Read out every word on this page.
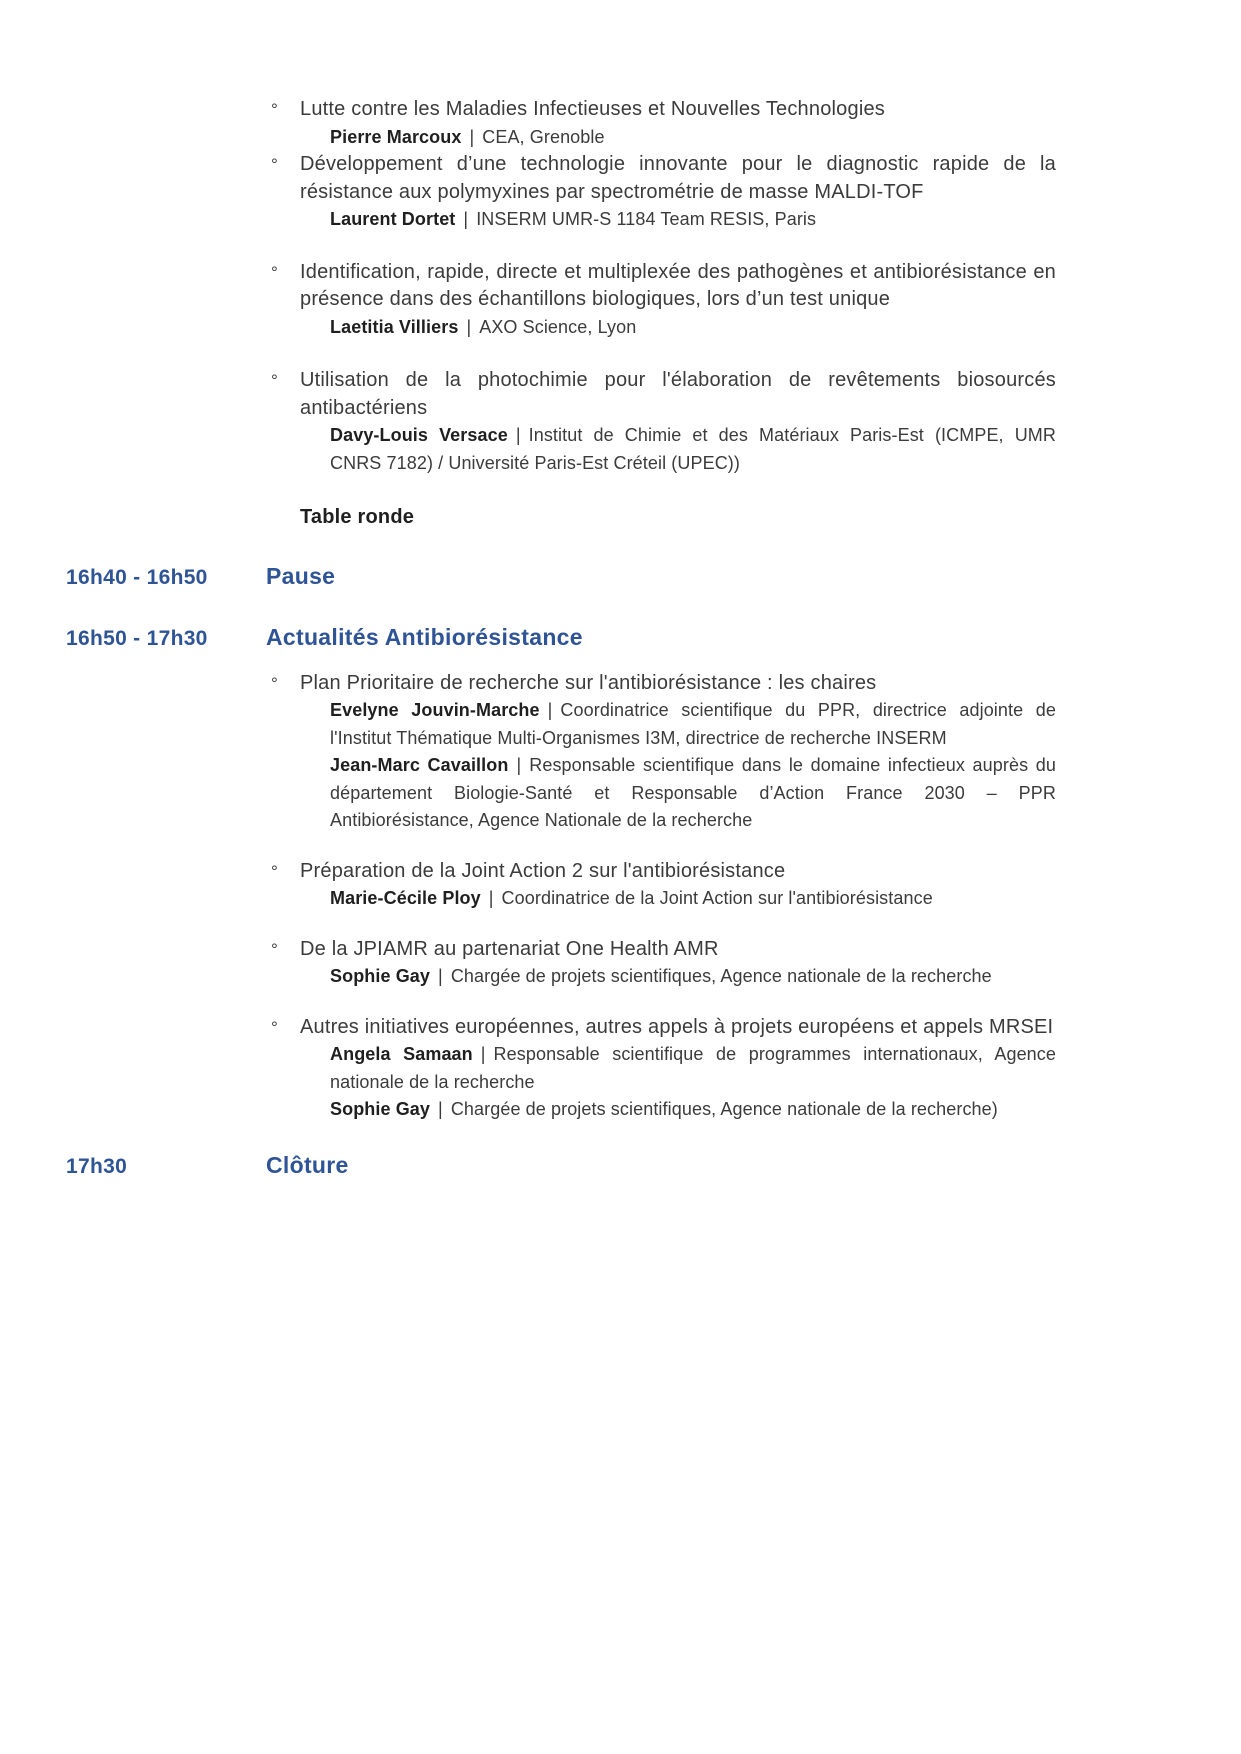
°	Lutte contre les Maladies Infectieuses et Nouvelles Technologies
Pierre Marcoux | CEA, Grenoble
°	Développement d’une technologie innovante pour le diagnostic rapide de la résistance aux polymyxines par spectrométrie de masse MALDI-TOF
Laurent Dortet | INSERM UMR-S 1184 Team RESIS, Paris
°	Identification, rapide, directe et multiplexée des pathogènes et antibiorésistance en présence dans des échantillons biologiques, lors d’un test unique
Laetitia Villiers | AXO Science, Lyon
°	Utilisation de la photochimie pour l'élaboration de revêtements biosourcés antibactériens
Davy-Louis Versace | Institut de Chimie et des Matériaux Paris-Est (ICMPE, UMR CNRS 7182) / Université Paris-Est Créteil (UPEC))
Table ronde
16h40 - 16h50	Pause
16h50 - 17h30	Actualités Antibiorésistance
°	Plan Prioritaire de recherche sur l'antibiorésistance : les chaires
Evelyne Jouvin-Marche | Coordinatrice scientifique du PPR, directrice adjointe de l'Institut Thématique Multi-Organismes I3M, directrice de recherche INSERM
Jean-Marc Cavaillon | Responsable scientifique dans le domaine infectieux auprès du département Biologie-Santé et Responsable d’Action France 2030 – PPR Antibiorésistance, Agence Nationale de la recherche
°	Préparation de la Joint Action 2 sur l'antibiorésistance
Marie-Cécile Ploy | Coordinatrice de la Joint Action sur l'antibiorésistance
°	De la JPIAMR au partenariat One Health AMR
Sophie Gay | Chargée de projets scientifiques, Agence nationale de la recherche
°	Autres initiatives européennes, autres appels à projets européens et appels MRSEI
Angela Samaan | Responsable scientifique de programmes internationaux, Agence nationale de la recherche
Sophie Gay | Chargée de projets scientifiques, Agence nationale de la recherche)
17h30	Clôture
